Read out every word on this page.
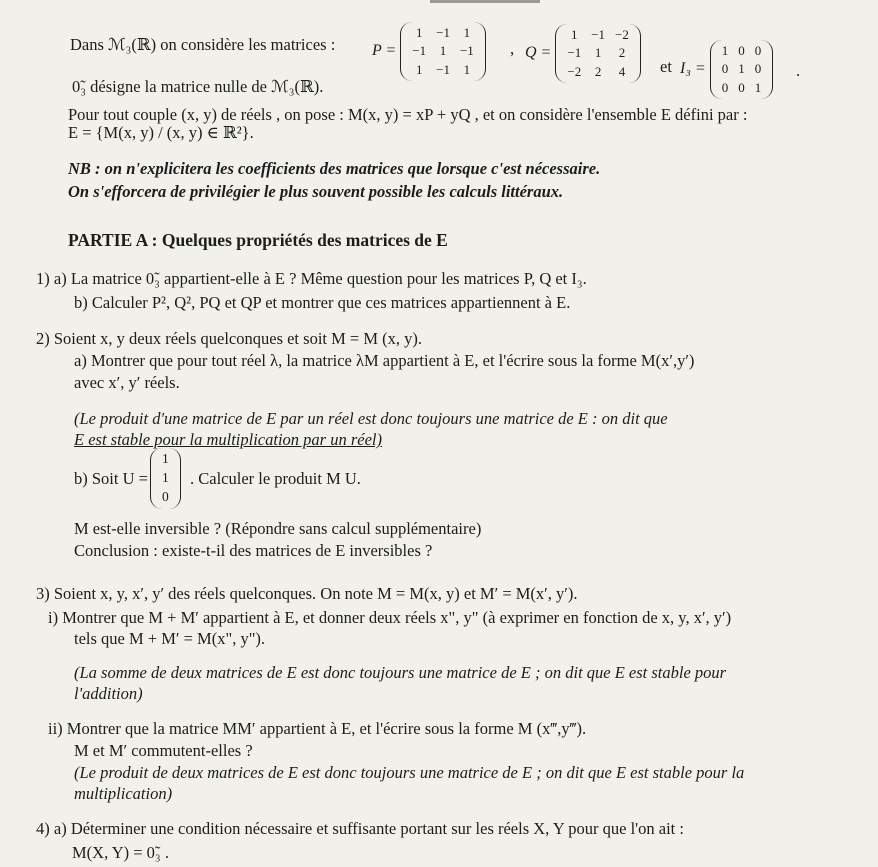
Dans ℳ₃(ℝ) on considère les matrices : P =
1	−1	1
−1	1	−1
1	−1	1
, Q =
1	−1 −2
−1	1	2
−2	2	4	et I₃ =
1 0 0
0 1 0
0 0 1
.
0̃₃ désigne la matrice nulle de ℳ₃(ℝ).
Pour tout couple (x, y) de réels , on pose : M(x, y) = xP + yQ , et on considère l'ensemble E défini par :
E = {M(x, y) / (x, y) ∈ ℝ²}.
NB : on n'explicitera les coefficients des matrices que lorsque c'est nécessaire.
On s'efforcera de privilégier le plus souvent possible les calculs littéraux.
PARTIE A : Quelques propriétés des matrices de E
1) a) La matrice 0̃₃ appartient-elle à E ? Même question pour les matrices P, Q et I₃.
b) Calculer P², Q², PQ et QP et montrer que ces matrices appartiennent à E.
2) Soient x, y deux réels quelconques et soit M = M (x, y).
a) Montrer que pour tout réel λ, la matrice λM appartient à E, et l'écrire sous la forme M(x′,y′)
avec x′, y′ réels.
(Le produit d'une matrice de E par un réel est donc toujours une matrice de E : on dit que
E est stable pour la multiplication par un réel)
b) Soit U =
1
1
0
. Calculer le produit M U.
M est-elle inversible ? (Répondre sans calcul supplémentaire)
Conclusion : existe-t-il des matrices de E inversibles ?
3) Soient x, y, x′, y′ des réels quelconques. On note M = M(x, y) et M′ = M(x′, y′).
i) Montrer que M + M′ appartient à E, et donner deux réels x", y" (à exprimer en fonction de x, y, x′, y′)
tels que M + M′ = M(x", y").
(La somme de deux matrices de E est donc toujours une matrice de E ; on dit que E est stable pour
l'addition)
ii) Montrer que la matrice MM′ appartient à E, et l'écrire sous la forme M (x‴,y‴).
M et M′ commutent-elles ?
(Le produit de deux matrices de E est donc toujours une matrice de E ; on dit que E est stable pour la
multiplication)
4) a) Déterminer une condition nécessaire et suffisante portant sur les réels X, Y pour que l'on ait :
M(X, Y) = 0̃₃ .
